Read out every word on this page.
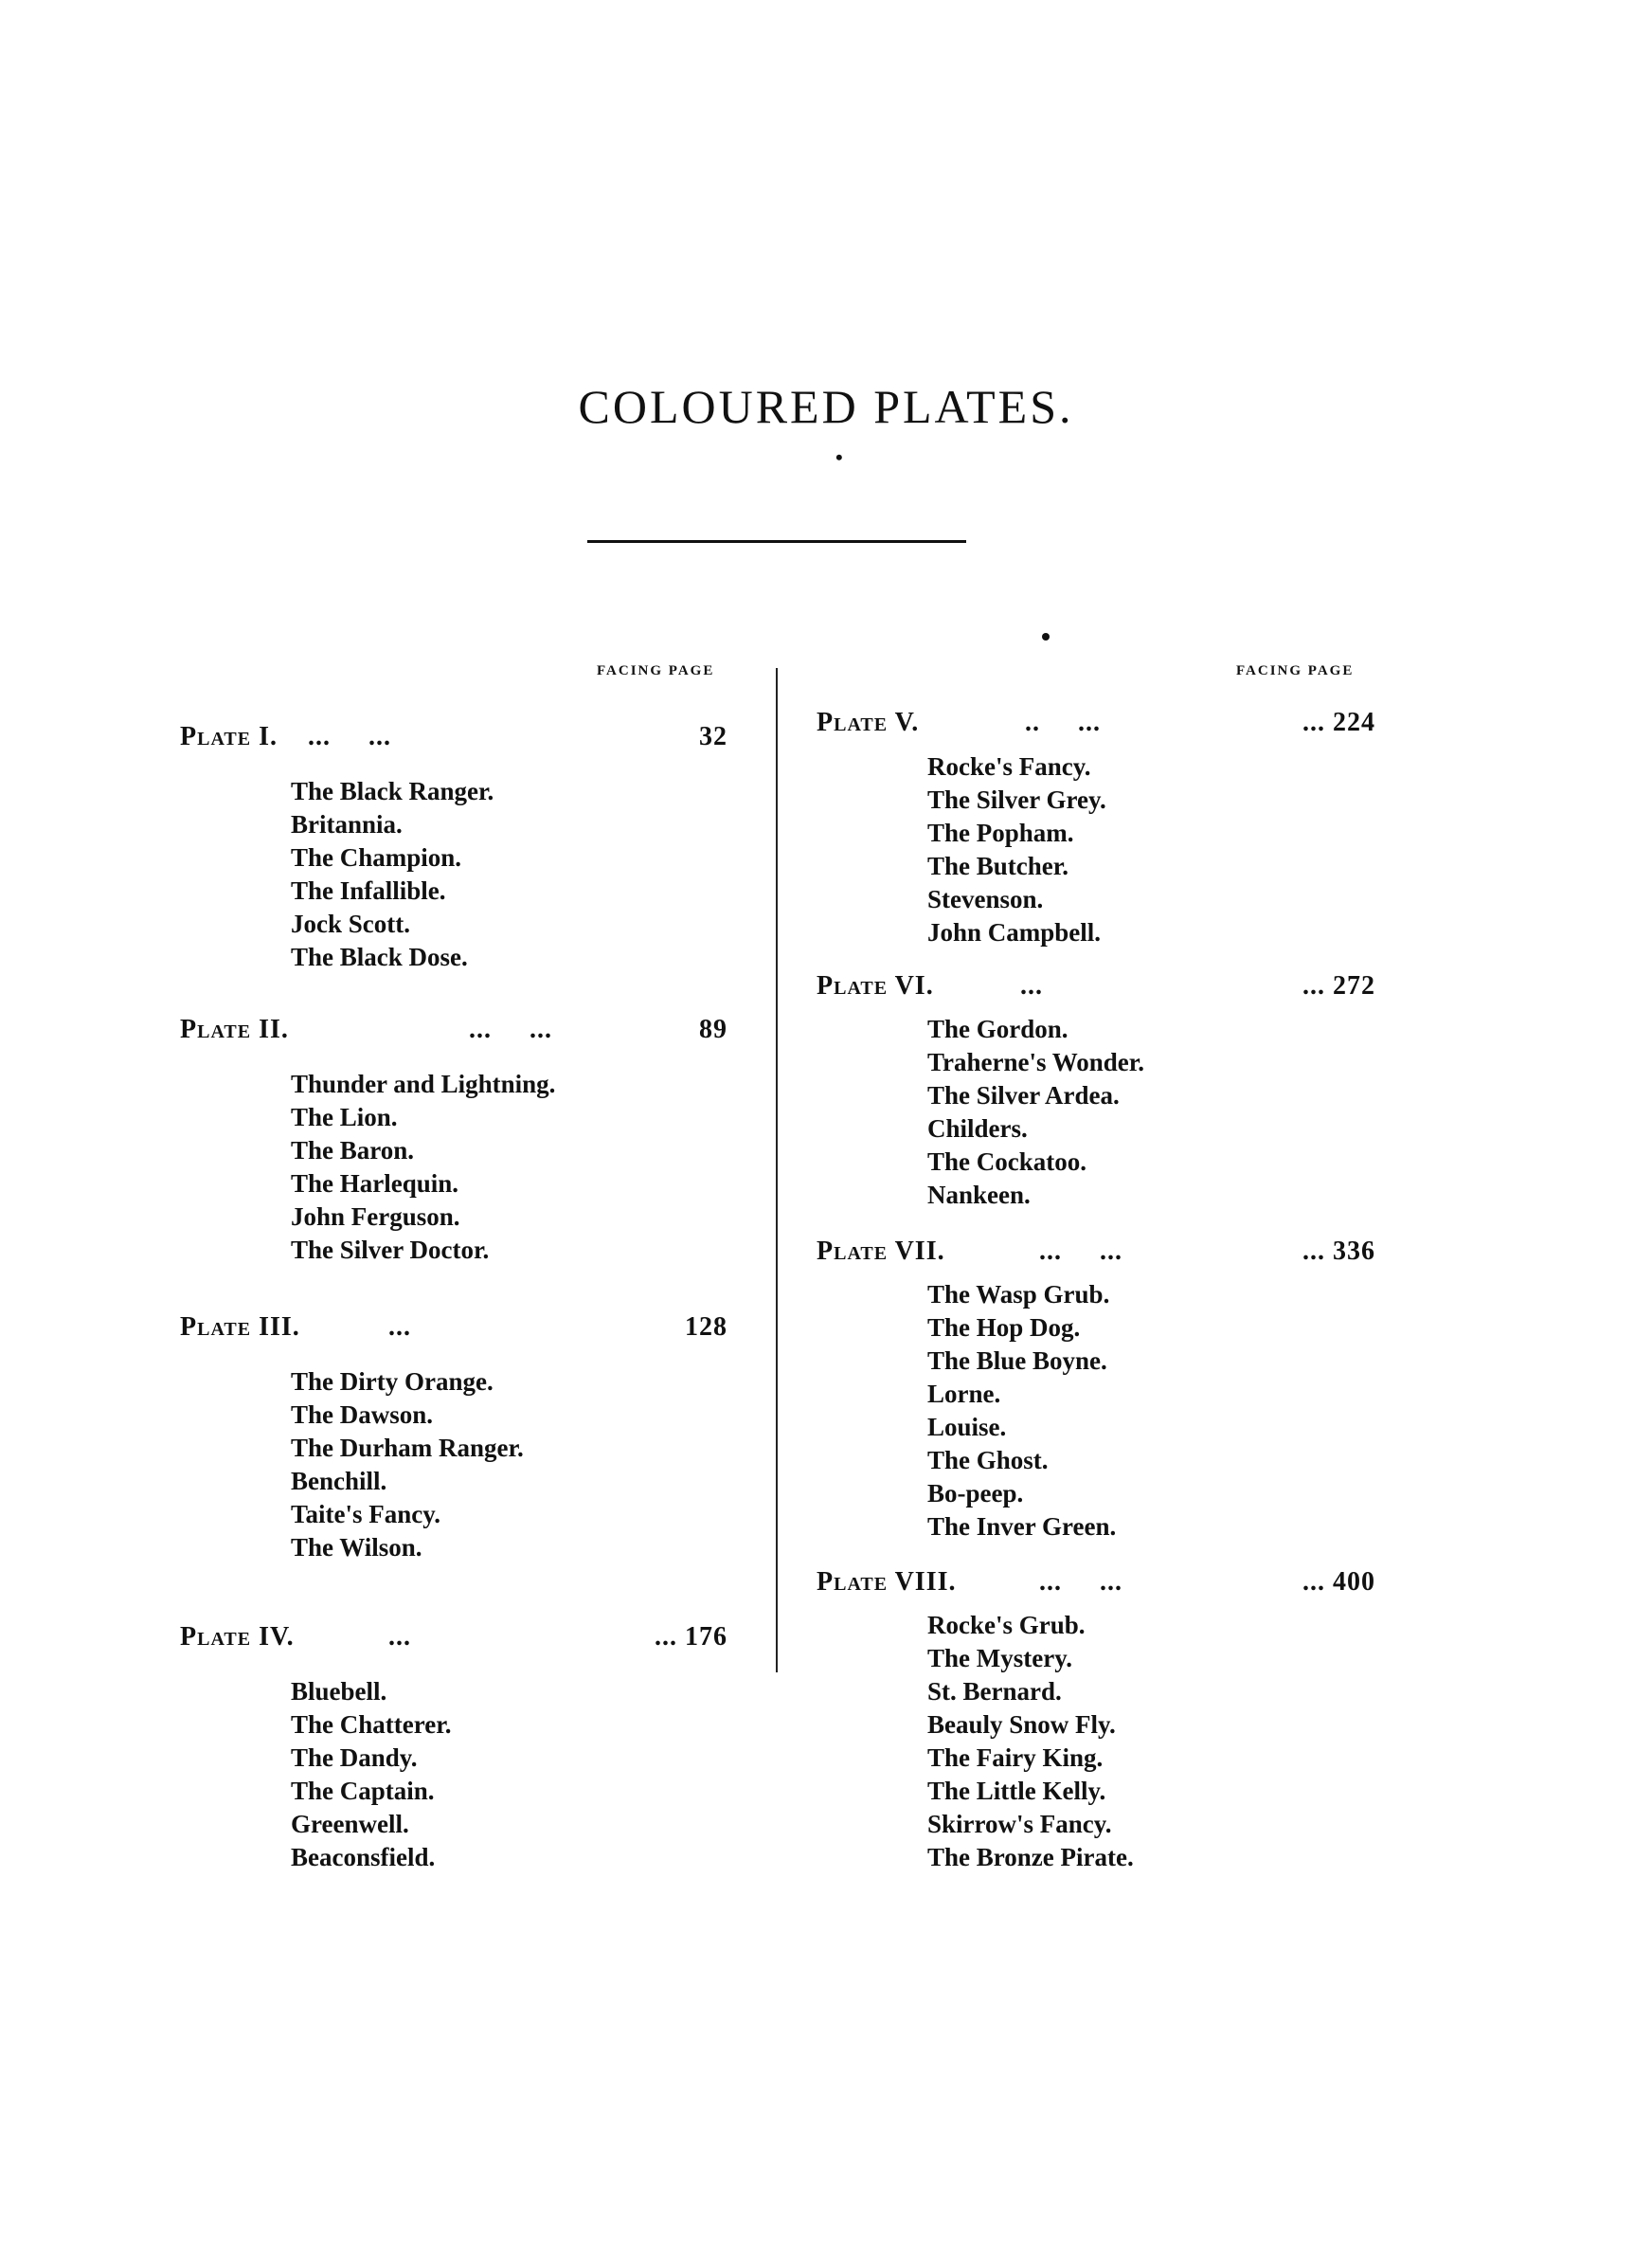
COLOURED PLATES.
•
FACING PAGE	FACING PAGE
Plate I. ...     ...	32
The Black Ranger.
Britannia.
The Champion.
The Infallible.
Jock Scott.
The Black Dose.
Plate II.	...     ...	89
Thunder and Lightning.
The Lion.
The Baron.
The Harlequin.
John Ferguson.
The Silver Doctor.
Plate III.	...	128
The Dirty Orange.
The Dawson.
The Durham Ranger.
Benchill.
Taite's Fancy.
The Wilson.
Plate IV.	...	... 176
Bluebell.
The Chatterer.
The Dandy.
The Captain.
Greenwell.
Beaconsfield.
Plate V.	..     ...	... 224
Rocke's Fancy.
The Silver Grey.
The Popham.
The Butcher.
Stevenson.
John Campbell.
Plate VI.	...	... 272
The Gordon.
Traherne's Wonder.
The Silver Ardea.
Childers.
The Cockatoo.
Nankeen.
Plate VII.	...     ...	... 336
The Wasp Grub.
The Hop Dog.
The Blue Boyne.
Lorne.
Louise.
The Ghost.
Bo-peep.
The Inver Green.
Plate VIII.	...     ...	... 400
Rocke's Grub.
The Mystery.
St. Bernard.
Beauly Snow Fly.
The Fairy King.
The Little Kelly.
Skirrow's Fancy.
The Bronze Pirate.
